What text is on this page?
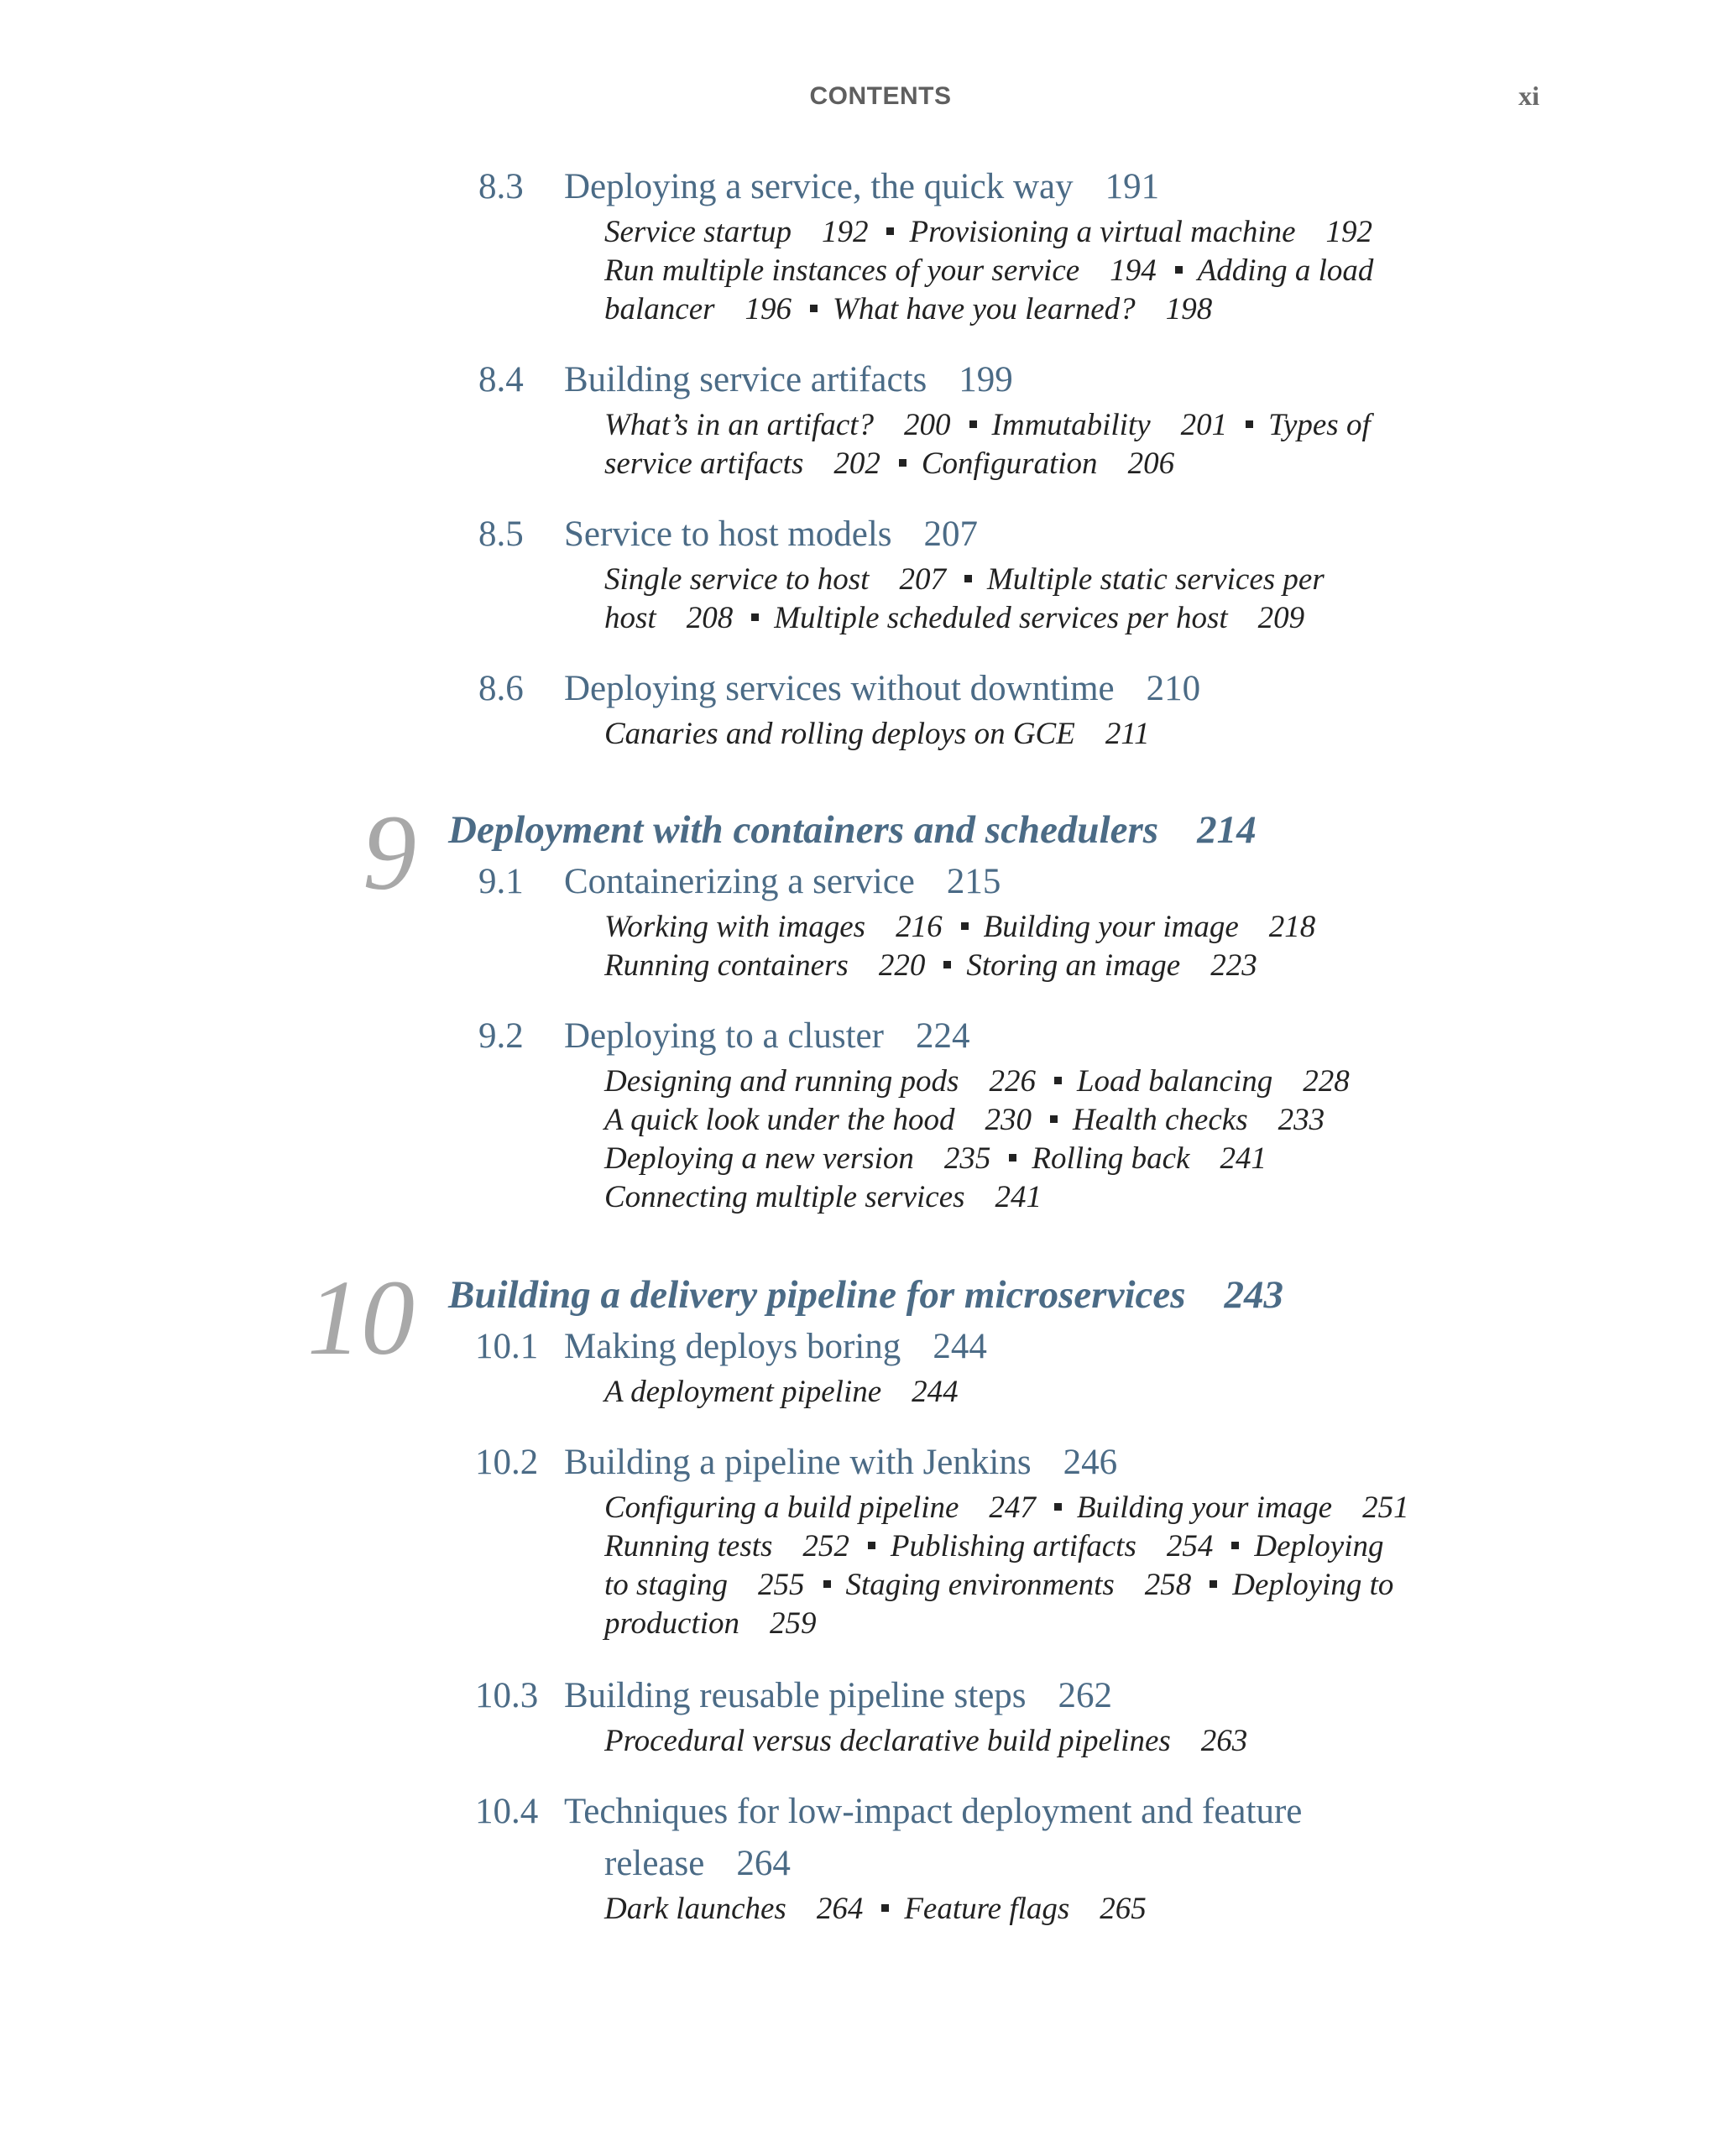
CONTENTS	xi
8.3 Deploying a service, the quick way 191
Service startup 192 Provisioning a virtual machine 192
Run multiple instances of your service 194 Adding a load
balancer 196 What have you learned? 198
8.4 Building service artifacts 199
What’s in an artifact? 200 Immutability 201 Types of
service artifacts 202 Configuration 206
8.5 Service to host models 207
Single service to host 207 Multiple static services per
host 208 Multiple scheduled services per host 209
8.6 Deploying services without downtime 210
Canaries and rolling deploys on GCE 211
9 Deployment with containers and schedulers 214
9.1 Containerizing a service 215
Working with images 216 Building your image 218
Running containers 220 Storing an image 223
9.2 Deploying to a cluster 224
Designing and running pods 226 Load balancing 228
A quick look under the hood 230 Health checks 233
Deploying a new version 235 Rolling back 241
Connecting multiple services 241
10 Building a delivery pipeline for microservices 243
10.1 Making deploys boring 244
A deployment pipeline 244
10.2 Building a pipeline with Jenkins 246
Configuring a build pipeline 247 Building your image 251
Running tests 252 Publishing artifacts 254 Deploying
to staging 255 Staging environments 258 Deploying to
production 259
10.3 Building reusable pipeline steps 262
Procedural versus declarative build pipelines 263
10.4 Techniques for low-impact deployment and feature
release 264
Dark launches 264 Feature flags 265
